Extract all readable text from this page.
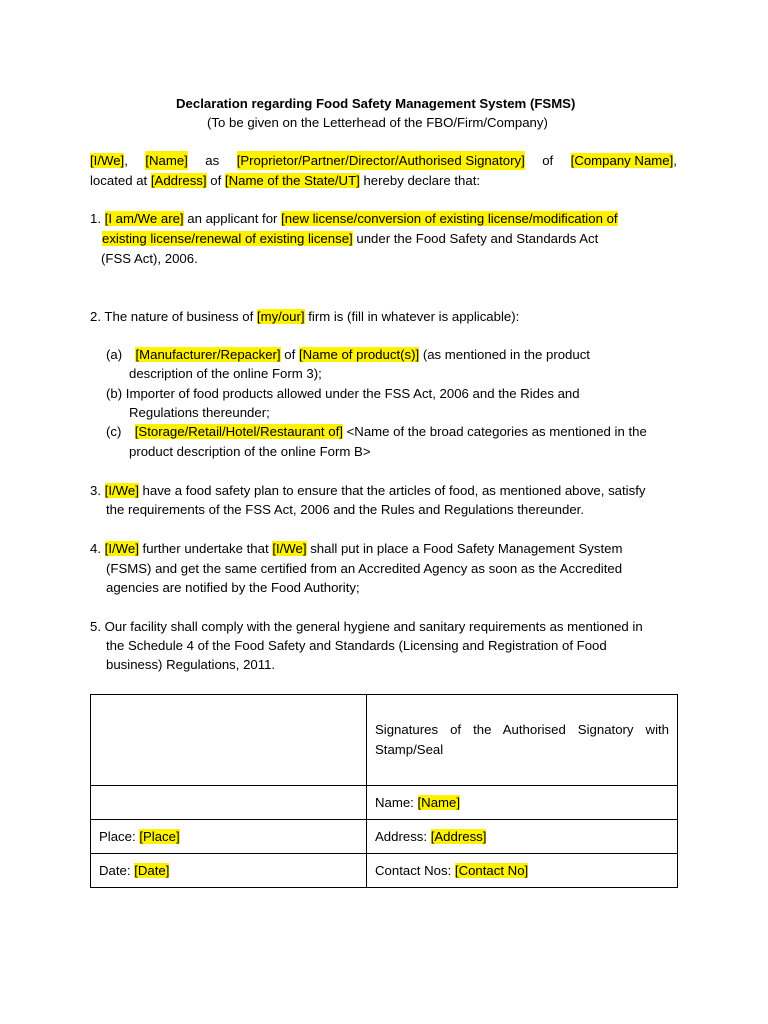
Declaration regarding Food Safety Management System (FSMS)
(To be given on the Letterhead of the FBO/Firm/Company)
[I/We], [Name] as [Proprietor/Partner/Director/Authorised Signatory] of [Company Name],
located at [Address] of [Name of the State/UT] hereby declare that:
1. [I am/We are] an applicant for [new license/conversion of existing license/modification of
existing license/renewal of existing license] under the Food Safety and Standards Act
(FSS Act), 2006.
2. The nature of business of [my/our] firm is (fill in whatever is applicable):
(a) [Manufacturer/Repacker] of [Name of product(s)] (as mentioned in the product
description of the online Form 3);
(b) Importer of food products allowed under the FSS Act, 2006 and the Rides and
Regulations thereunder;
(c) [Storage/Retail/Hotel/Restaurant of] <Name of the broad categories as mentioned in the
product description of the online Form B>
3. [I/We] have a food safety plan to ensure that the articles of food, as mentioned above, satisfy
the requirements of the FSS Act, 2006 and the Rules and Regulations thereunder.
4. [I/We] further undertake that [I/We] shall put in place a Food Safety Management System
(FSMS) and get the same certified from an Accredited Agency as soon as the Accredited
agencies are notified by the Food Authority;
5. Our facility shall comply with the general hygiene and sanitary requirements as mentioned in
the Schedule 4 of the Food Safety and Standards (Licensing and Registration of Food
business) Regulations, 2011.

	Signatures of the Authorised Signatory with
Stamp/Seal

	Name: [Name]
Place: [Place]	Address: [Address]
Date: [Date]	Contact Nos: [Contact No]
